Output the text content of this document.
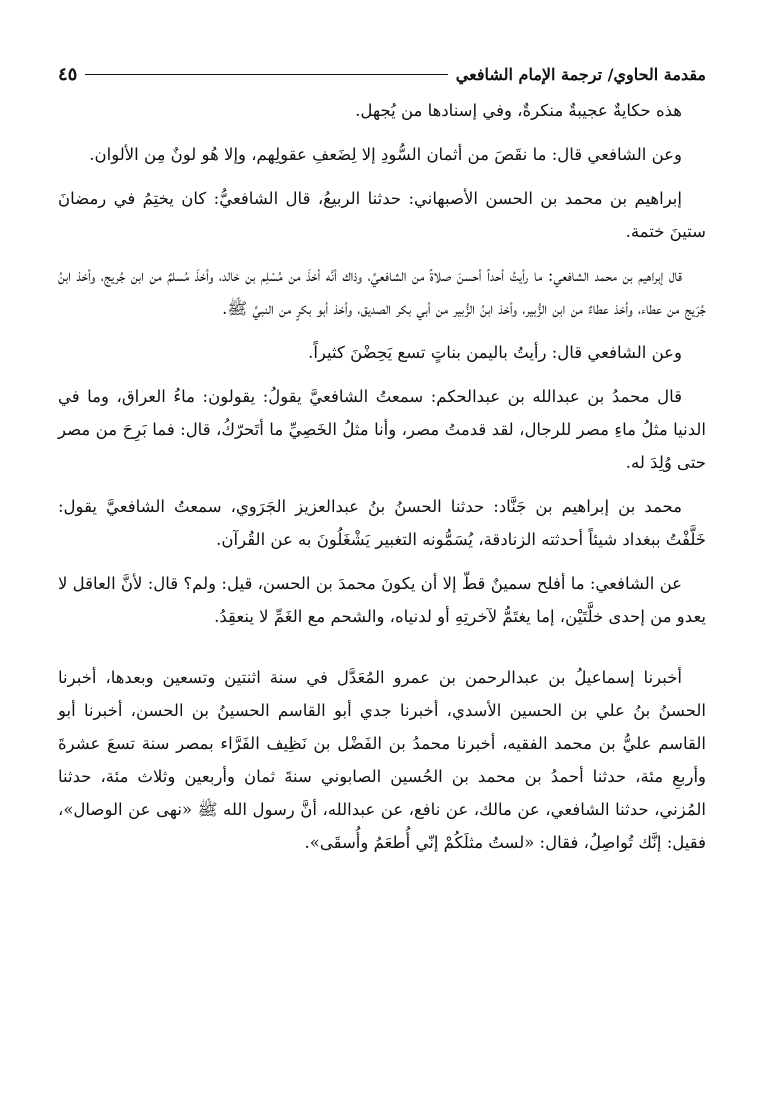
مقدمة الحاوي/ ترجمة الإمام الشافعي
٤٥

هذه حكايةٌ عجيبةٌ منكرةٌ، وفي إسنادها من يُجهل.

وعن الشافعي قال: ما نقَصَ من أثمان السُّودِ إلا لِضَعفِ عقولِهم، وإلا هُو لونٌ مِن الألوان.

إبراهيم بن محمد بن الحسن الأصبهاني: حدثنا الربيعُ، قال الشافعيُّ: كان يختِمُ في رمضانَ ستينَ ختمة.

قال إبراهيم بن محمد الشافعي: ما رأيتُ أحداً أحسنَ صلاةً من الشافعيِّ، وذاك أنَّه أخذَ من مُسْلِم بن خالد، وأخذَ مُسلمٌ من ابن جُريج، وأخذ ابنُ جُرَيج من عطاء، وأخذ عطاءٌ من ابن الزُّبير، وأخذ ابنُ الزُّبير من أبي بكر الصديق، وأخذ أبو بكرٍ من النبيِّ ﷺ.

وعن الشافعي قال: رأيتُ باليمن بناتٍ تسع يَحِضْنَ كثيراً.

قال محمدُ بن عبدالله بن عبدالحكم: سمعتُ الشافعيَّ يقولُ: يقولون: ماءُ العراق، وما في الدنيا مثلُ ماءِ مصر للرجال، لقد قدمتُ مصر، وأنا مثلُ الخَصِيِّ ما أتَحرّكُ، قال: فما بَرِحَ من مصر حتى وُلِدَ له.

محمد بن إبراهيم بن جَنَّاد: حدثنا الحسنُ بنُ عبدالعزيز الجَرَوي، سمعتُ الشافعيَّ يقول: خَلَّفْتُ ببغداد شيئاً أحدثته الزنادقة، يُسَمُّونه التغبير يَشْغَلُونَ به عن القُرآن.

عن الشافعي: ما أفلح سمينٌ قطّ إلا أن يكونَ محمدَ بن الحسن، قيل: ولم؟ قال: لأنَّ العاقل لا يعدو من إحدى خلَّتَيْن، إما يغتَمُّ لآخرتِهِ أو لدنياه، والشحم مع الغَمِّ لا ينعقِدُ.

أخبرنا إسماعيلُ بن عبدالرحمن بن عمرو المُعَدَّل في سنة اثنتين وتسعين وبعدها، أخبرنا الحسنُ بنُ علي بن الحسين الأسدي، أخبرنا جدي أبو القاسم الحسينُ بن الحسن، أخبرنا أبو القاسم عليُّ بن محمد الفقيه، أخبرنا محمدُ بن الفَضْل بن نَظِيف الفَرَّاء بمصر سنة تسعَ عشرةَ وأربعِ مئة، حدثنا أحمدُ بن محمد بن الحُسين الصابوني سنةَ ثمان وأربعين وثلاث مئة، حدثنا المُزني، حدثنا الشافعي، عن مالك، عن نافع، عن عبدالله، أنَّ رسول الله ﷺ «نهى عن الوصال»، فقيل: إنَّك تُواصِلُ، فقال: «لستُ مثلَكُمْ إنّي أُطعَمُ وأُسقَى».
